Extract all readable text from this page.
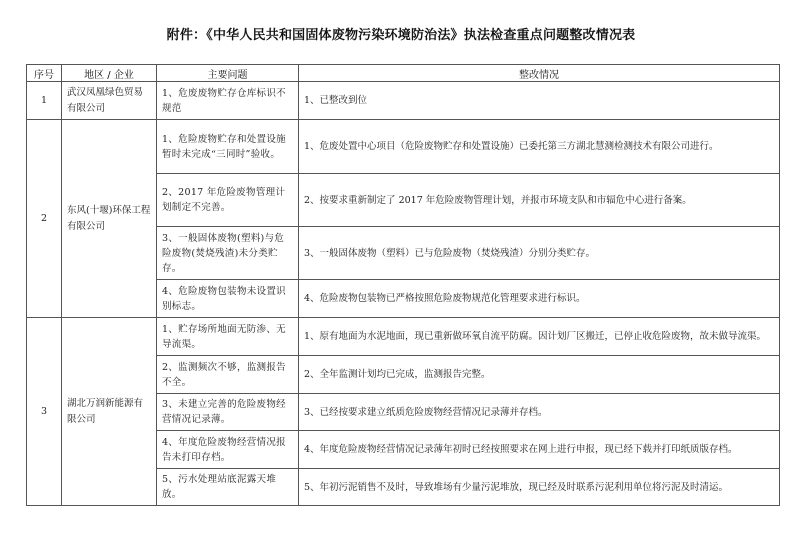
附件：《中华人民共和国固体废物污染环境防治法》执法检查重点问题整改情况表
序号	地区 / 企业	主要问题	整改情况
1	武汉凤凰绿色贸易有限公司	1、危废废物贮存仓库标识不规范	1、已整改到位
2	东风(十堰)环保工程有限公司	1、危险废物贮存和处置设施暂时未完成“三同时”验收。	1、危废处置中心项目（危险废物贮存和处置设施）已委托第三方湖北慧测检测技术有限公司进行。
		2、2017 年危险废物管理计划制定不完善。	2、按要求重新制定了 2017 年危险废物管理计划，并报市环境支队和市辐危中心进行备案。
		3、一般固体废物(塑料)与危险废物(焚烧残渣)未分类贮存。	3、一般固体废物（塑料）已与危险废物（焚烧残渣）分别分类贮存。
		4、危险废物包装物未设置识别标志。	4、危险废物包装物已严格按照危险废物规范化管理要求进行标识。
3	湖北万润新能源有限公司	1、贮存场所地面无防渗、无导流渠。	1、原有地面为水泥地面，现已重新做环氧自流平防腐。因计划厂区搬迁，已停止收危险废物，故未做导流渠。
		2、监测频次不够，监测报告不全。	2、全年监测计划均已完成，监测报告完整。
		3、未建立完善的危险废物经营情况记录薄。	3、已经按要求建立纸质危险废物经营情况记录薄并存档。
		4、年度危险废物经营情况报告未打印存档。	4、年度危险废物经营情况记录薄年初时已经按照要求在网上进行申报，现已经下载并打印纸质版存档。
		5、污水处理站底泥露天堆放。	5、年初污泥销售不及时，导致堆场有少量污泥堆放，现已经及时联系污泥利用单位将污泥及时清运。
